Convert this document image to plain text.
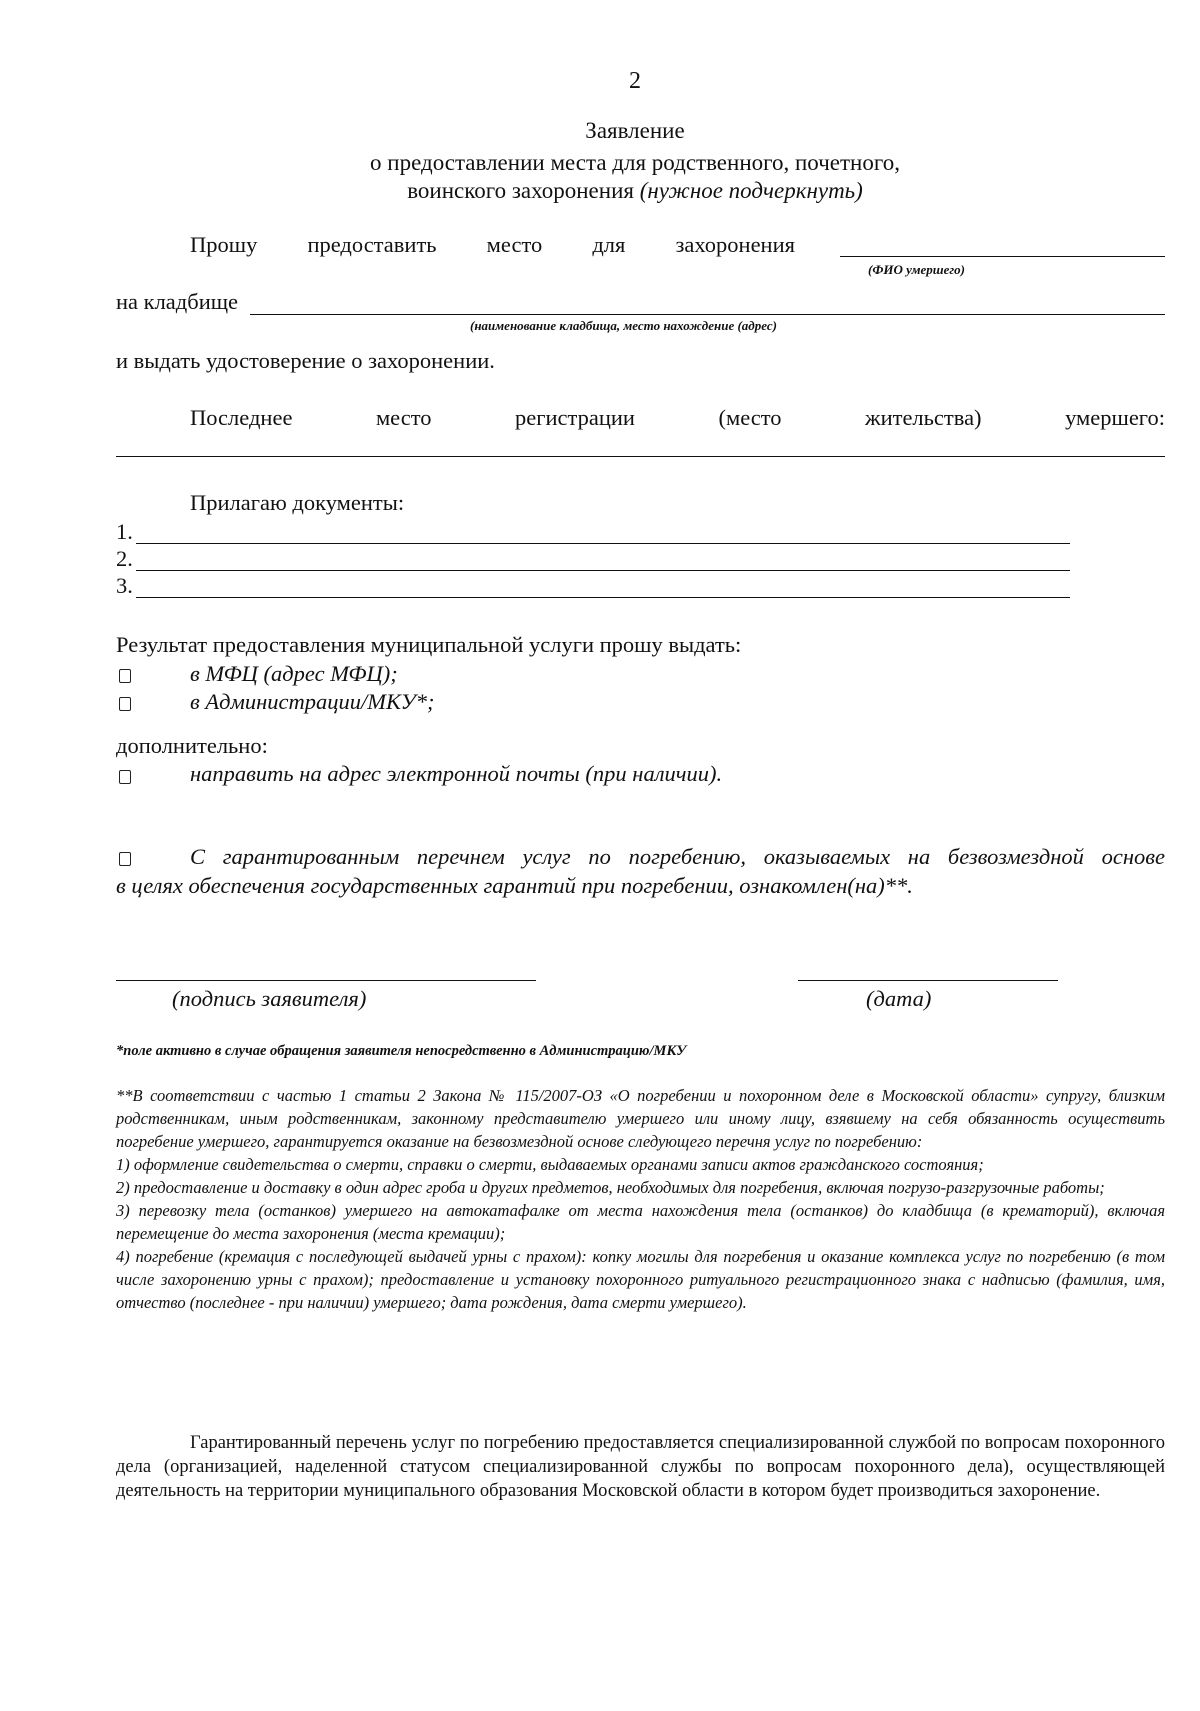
2
Заявление
о предоставлении места для родственного, почетного,
воинского захоронения (нужное подчеркнуть)
Прошу предоставить место для захоронения
(ФИО умершего)
на кладбище
(наименование кладбища, место нахождение (адрес)
и выдать удостоверение о захоронении.
Последнее	место	регистрации	(место	жительства)	умершего:
Прилагаю документы:
1.
2.
3.
Результат предоставления муниципальной услуги прошу выдать:
в МФЦ (адрес МФЦ);
в Администрации/МКУ*;
дополнительно:
направить на адрес электронной почты (при наличии).
С гарантированным перечнем услуг по погребению, оказываемых на безвозмездной основе
в целях обеспечения государственных гарантий при погребении, ознакомлен(на)**.
(подпись заявителя)	(дата)
*поле активно в случае обращения заявителя непосредственно в Администрацию/МКУ

**В соответствии с частью 1 статьи 2 Закона № 115/2007-ОЗ «О погребении и похоронном деле в Московской области» супругу, близким родственникам, иным родственникам, законному представителю умершего или иному лицу, взявшему на себя обязанность осуществить погребение умершего, гарантируется оказание на безвозмездной основе следующего перечня услуг по погребению:

1) оформление свидетельства о смерти, справки о смерти, выдаваемых органами записи актов гражданского состояния;

2) предоставление и доставку в один адрес гроба и других предметов, необходимых для погребения, включая погрузо-разгрузочные работы;

3) перевозку тела (останков) умершего на автокатафалке от места нахождения тела (останков) до кладбища (в крематорий), включая перемещение до места захоронения (места кремации);

4) погребение (кремация с последующей выдачей урны с прахом): копку могилы для погребения и оказание комплекса услуг по погребению (в том числе захоронению урны с прахом); предоставление и установку похоронного ритуального регистрационного знака с надписью (фамилия, имя, отчество (последнее - при наличии) умершего; дата рождения, дата смерти умершего).

Гарантированный перечень услуг по погребению предоставляется специализированной службой по вопросам похоронного дела (организацией, наделенной статусом специализированной службы по вопросам похоронного дела), осуществляющей деятельность на территории муниципального образования Московской области в котором будет производиться захоронение.
